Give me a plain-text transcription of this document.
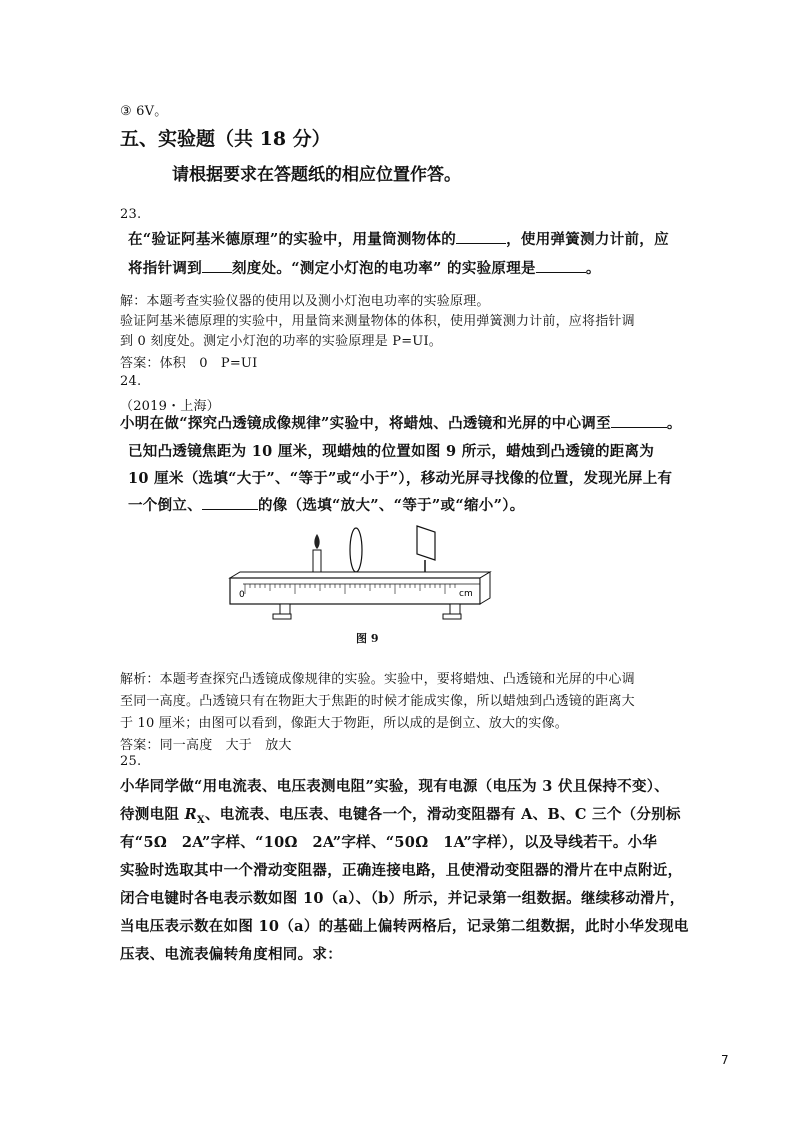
③ 6V。
五、实验题（共 18 分）
请根据要求在答题纸的相应位置作答。
23.
在“验证阿基米德原理”的实验中，用量筒测物体的	，使用弹簧测力计前，应
将指针调到 刻度处。“测定小灯泡的电功率” 的实验原理是	。
解：本题考查实验仪器的使用以及测小灯泡电功率的实验原理。
验证阿基米德原理的实验中，用量筒来测量物体的体积，使用弹簧测力计前，应将指针调
到 0 刻度处。测定小灯泡的功率的实验原理是 P=UI。
答案：体积　0　P=UI
24.
（2019・上海）
小明在做“探究凸透镜成像规律”实验中，将蜡烛、凸透镜和光屏的中心调至	。
已知凸透镜焦距为 10 厘米，现蜡烛的位置如图 9 所示，蜡烛到凸透镜的距离为
10 厘米（选填“大于”、“等于”或“小于”），移动光屏寻找像的位置，发现光屏上有
一个倒立、	的像（选填“放大”、“等于”或“缩小”）。
0	cm
图 9
解析：本题考查探究凸透镜成像规律的实验。实验中，要将蜡烛、凸透镜和光屏的中心调
至同一高度。凸透镜只有在物距大于焦距的时候才能成实像，所以蜡烛到凸透镜的距离大
于 10 厘米；由图可以看到，像距大于物距，所以成的是倒立、放大的实像。
答案：同一高度　大于　放大
25.
小华同学做“用电流表、电压表测电阻”实验，现有电源（电压为 3 伏且保持不变）、
待测电阻 $R_X$、电流表、电压表、电键各一个，滑动变阻器有 A、B、C 三个（分别标
有“5Ω　2A”字样、“10Ω　2A”字样、“50Ω　1A”字样），以及导线若干。小华
实验时选取其中一个滑动变阻器，正确连接电路，且使滑动变阻器的滑片在中点附近，
闭合电键时各电表示数如图 10（a）、（b）所示，并记录第一组数据。继续移动滑片，
当电压表示数在如图 10（a）的基础上偏转两格后，记录第二组数据，此时小华发现电
压表、电流表偏转角度相同。求：
7
